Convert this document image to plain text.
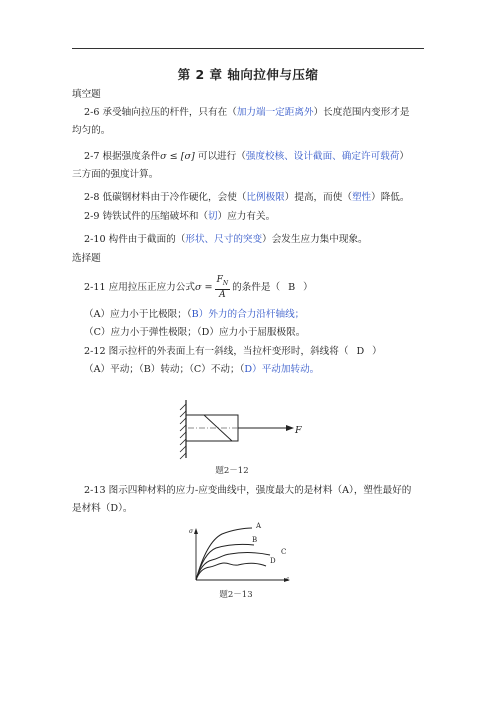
第 2 章 轴向拉伸与压缩
填空题
2-6 承受轴向拉压的杆件，只有在（加力端一定距离外）长度范围内变形才是
均匀的。
2-7 根据强度条件σ ≤ [σ] 可以进行（强度校核、设计截面、确定许可载荷）
三方面的强度计算。
2-8 低碳钢材料由于冷作硬化，会使（比例极限）提高，而使（塑性）降低。
2-9 铸铁试件的压缩破坏和（切）应力有关。
2-10 构件由于截面的（形状、尺寸的突变）会发生应力集中现象。
选择题
2-11 应用拉压正应力公式$\sigma = \frac{F_N}{A}$ 的条件是（ B ）
（A）应力小于比极限；（B）外力的合力沿杆轴线；
（C）应力小于弹性极限；（D）应力小于屈服极限。
2-12 图示拉杆的外表面上有一斜线，当拉杆变形时，斜线将（ D ）
（A）平动；（B）转动；（C）不动；（D）平动加转动。
F
题2－12
2-13 图示四种材料的应力-应变曲线中，强度最大的是材料（A），塑性最好的
是材料（D）。
σ
ε
A
B
C
D
题2－13
